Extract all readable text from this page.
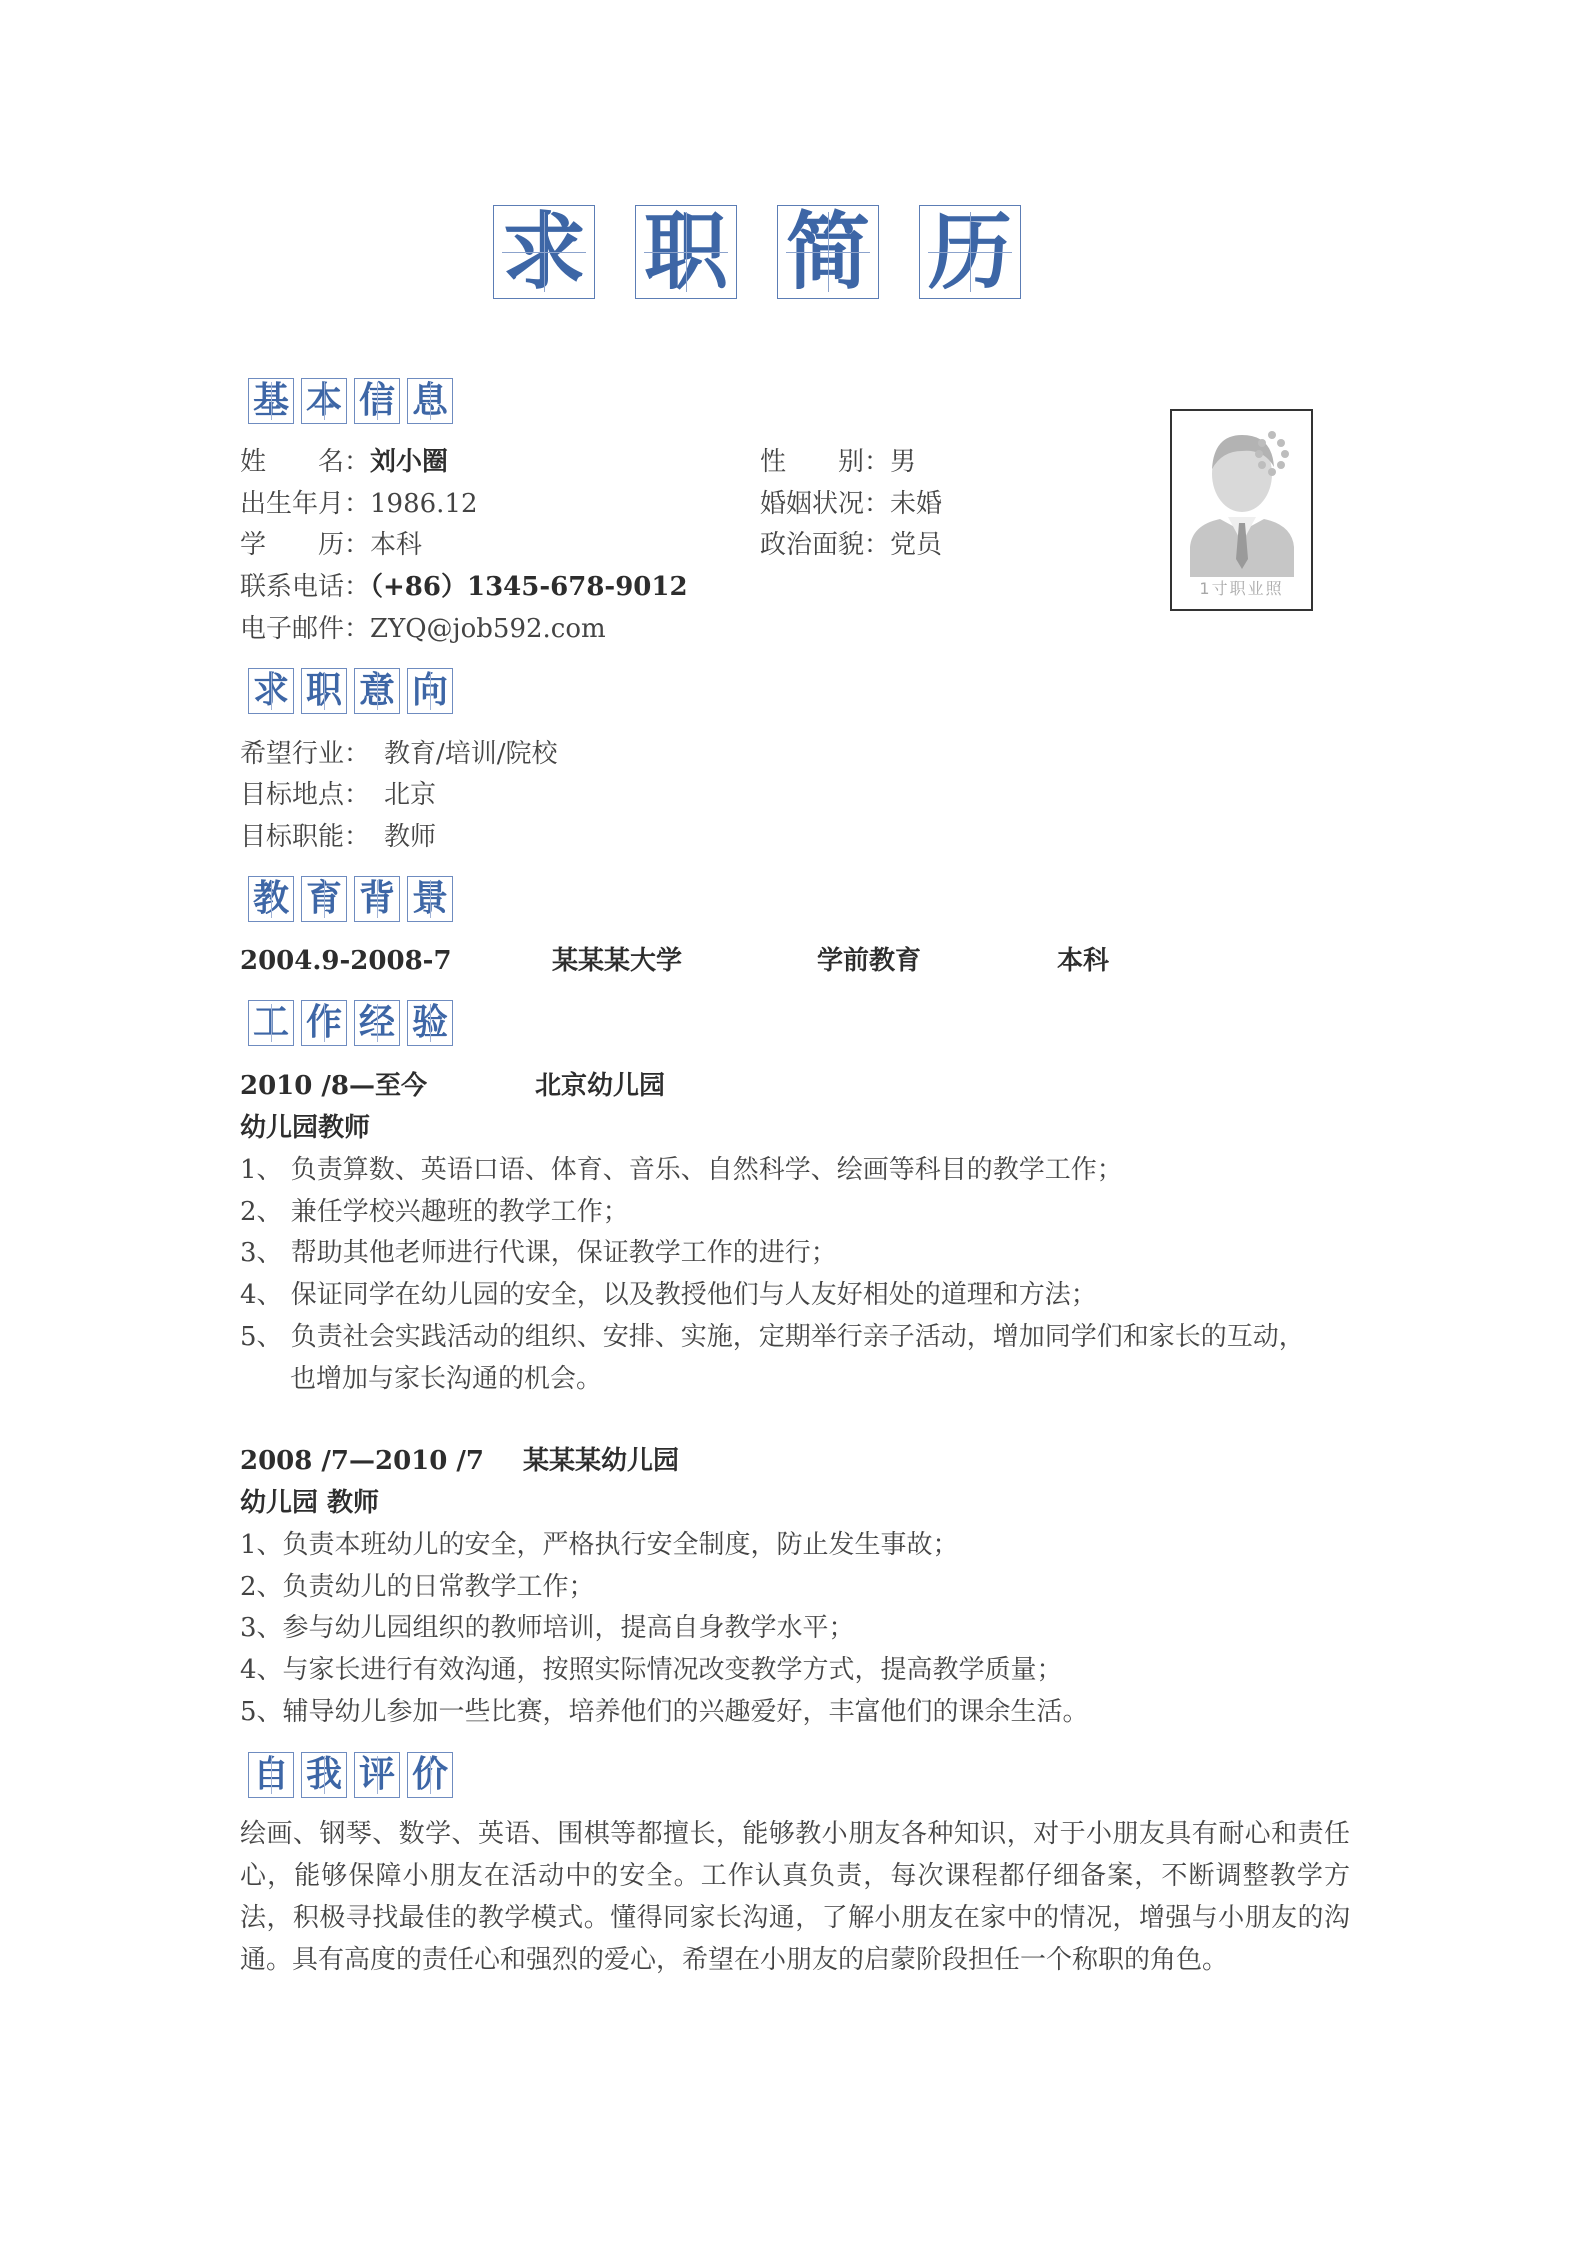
求 职 简 历
基 本 信 息
姓　　名：刘小圈	性　　别：男
出生年月：1986.12	婚姻状况：未婚
学　　历：本科	政治面貌：党员
联系电话：（+86）1345-678-9012
电子邮件：ZYQ@job592.com
1寸职业照
求 职 意 向
希望行业： 教育/培训/院校
目标地点： 北京
目标职能： 教师
教 育 背 景
2004.9-2008-7	某某某大学	学前教育	本科
工 作 经 验
2010 /8—至今	北京幼儿园
幼儿园教师
1、 负责算数、英语口语、体育、音乐、自然科学、绘画等科目的教学工作；
2、 兼任学校兴趣班的教学工作；
3、 帮助其他老师进行代课，保证教学工作的进行；
4、 保证同学在幼儿园的安全，以及教授他们与人友好相处的道理和方法；
5、 负责社会实践活动的组织、安排、实施，定期举行亲子活动，增加同学们和家长的互动，
也增加与家长沟通的机会。
2008 /7—2010 /7 某某某幼儿园
幼儿园 教师
1、负责本班幼儿的安全，严格执行安全制度，防止发生事故；
2、负责幼儿的日常教学工作；
3、参与幼儿园组织的教师培训，提高自身教学水平；
4、与家长进行有效沟通，按照实际情况改变教学方式，提高教学质量；
5、辅导幼儿参加一些比赛，培养他们的兴趣爱好，丰富他们的课余生活。
自 我 评 价
绘画、钢琴、数学、英语、围棋等都擅长，能够教小朋友各种知识，对于小朋友具有耐心和责任心，能够保障小朋友在活动中的安全。工作认真负责，每次课程都仔细备案，不断调整教学方法，积极寻找最佳的教学模式。懂得同家长沟通，了解小朋友在家中的情况，增强与小朋友的沟通。具有高度的责任心和强烈的爱心，希望在小朋友的启蒙阶段担任一个称职的角色。
